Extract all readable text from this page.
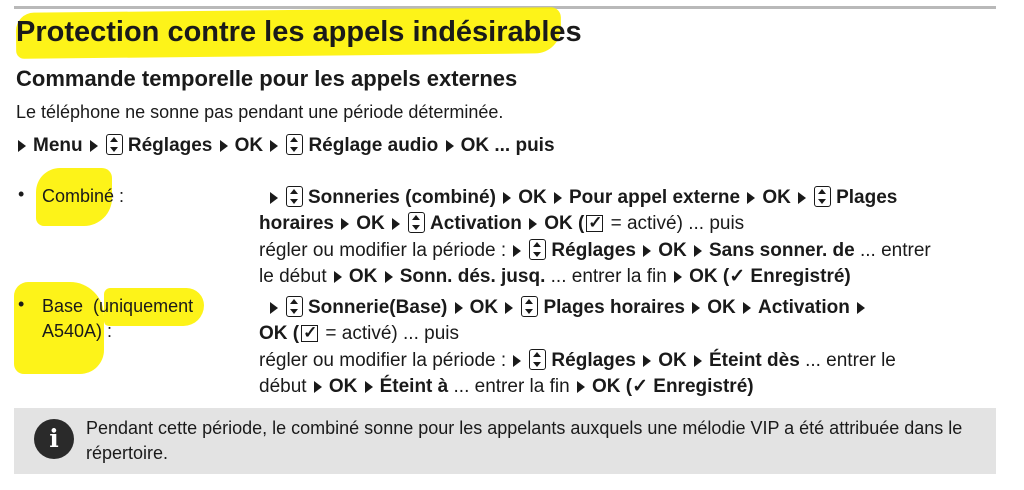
Protection contre les appels indésirables
Commande temporelle pour les appels externes
Le téléphone ne sonne pas pendant une période déterminée.
Menu Réglages OK Réglage audio OK ... puis
• Combiné :	Sonneries (combiné) OK Pour appel externe OK Plages
horaires OK Activation OK ( ✓ = activé) ... puis
régler ou modifier la période : Réglages OK Sans sonner. de ... entrer
le début OK Sonn. dés. jusq. ... entrer la fin OK (✓ Enregistré)
• Base (uniquement
A540A) :
Sonnerie(Base) OK Plages horaires OK Activation
OK ( ✓ = activé) ... puis
régler ou modifier la période : Réglages OK Éteint dès ... entrer le
début OK Éteint à ... entrer la fin OK (✓ Enregistré)
i	Pendant cette période, le combiné sonne pour les appelants auxquels une mélodie VIP a été attribuée dans le répertoire.
